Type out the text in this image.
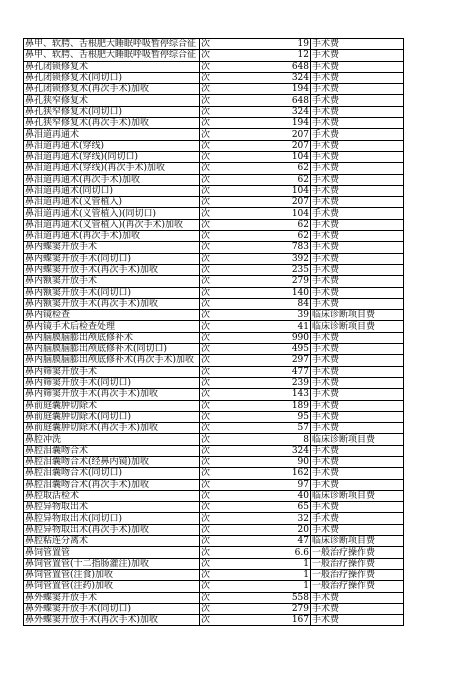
鼻甲、软腭、舌根肥大睡眠呼吸暂停综合征	次	19	手术费
鼻甲、软腭、舌根肥大睡眠呼吸暂停综合征	次	12	手术费
鼻孔闭锁修复术	次	648	手术费
鼻孔闭锁修复术(同切口)	次	324	手术费
鼻孔闭锁修复术(再次手术)加收	次	194	手术费
鼻孔狭窄修复术	次	648	手术费
鼻孔狭窄修复术(同切口)	次	324	手术费
鼻孔狭窄修复术(再次手术)加收	次	194	手术费
鼻泪道再通术	次	207	手术费
鼻泪道再通术(穿线)	次	207	手术费
鼻泪道再通术(穿线)(同切口)	次	104	手术费
鼻泪道再通术(穿线)(再次手术)加收	次	62	手术费
鼻泪道再通术(再次手术)加收	次	62	手术费
鼻泪道再通术(同切口)	次	104	手术费
鼻泪道再通术(义管植入)	次	207	手术费
鼻泪道再通术(义管植入)(同切口)	次	104	手术费
鼻泪道再通术(义管植入)(再次手术)加收	次	62	手术费
鼻泪道再通术(再次手术)加收	次	62	手术费
鼻内蝶窦开放手术	次	783	手术费
鼻内蝶窦开放手术(同切口)	次	392	手术费
鼻内蝶窦开放手术(再次手术)加收	次	235	手术费
鼻内额窦开放手术	次	279	手术费
鼻内额窦开放手术(同切口)	次	140	手术费
鼻内额窦开放手术(再次手术)加收	次	84	手术费
鼻内镜检查	次	39	临床诊断项目费
鼻内镜手术后检查处理	次	41	临床诊断项目费
鼻内脑膜脑膨出颅底修补术	次	990	手术费
鼻内脑膜脑膨出颅底修补术(同切口)	次	495	手术费
鼻内脑膜脑膨出颅底修补术(再次手术)加收	次	297	手术费
鼻内筛窦开放手术	次	477	手术费
鼻内筛窦开放手术(同切口)	次	239	手术费
鼻内筛窦开放手术(再次手术)加收	次	143	手术费
鼻前庭囊肿切除术	次	189	手术费
鼻前庭囊肿切除术(同切口)	次	95	手术费
鼻前庭囊肿切除术(再次手术)加收	次	57	手术费
鼻腔冲洗	次	8	临床诊断项目费
鼻腔泪囊吻合术	次	324	手术费
鼻腔泪囊吻合术(经鼻内镜)加收	次	90	手术费
鼻腔泪囊吻合术(同切口)	次	162	手术费
鼻腔泪囊吻合术(再次手术)加收	次	97	手术费
鼻腔取活检术	次	40	临床诊断项目费
鼻腔异物取出术	次	65	手术费
鼻腔异物取出术(同切口)	次	32	手术费
鼻腔异物取出术(再次手术)加收	次	20	手术费
鼻腔粘连分离术	次	47	临床诊断项目费
鼻饲管置管	次	6.6	一般治疗操作费
鼻饲管置管(十二指肠灌注)加收	次	1	一般治疗操作费
鼻饲管置管(注食)加收	次	1	一般治疗操作费
鼻饲管置管(注药)加收	次	1	一般治疗操作费
鼻外蝶窦开放手术	次	558	手术费
鼻外蝶窦开放手术(同切口)	次	279	手术费
鼻外蝶窦开放手术(再次手术)加收	次	167	手术费
